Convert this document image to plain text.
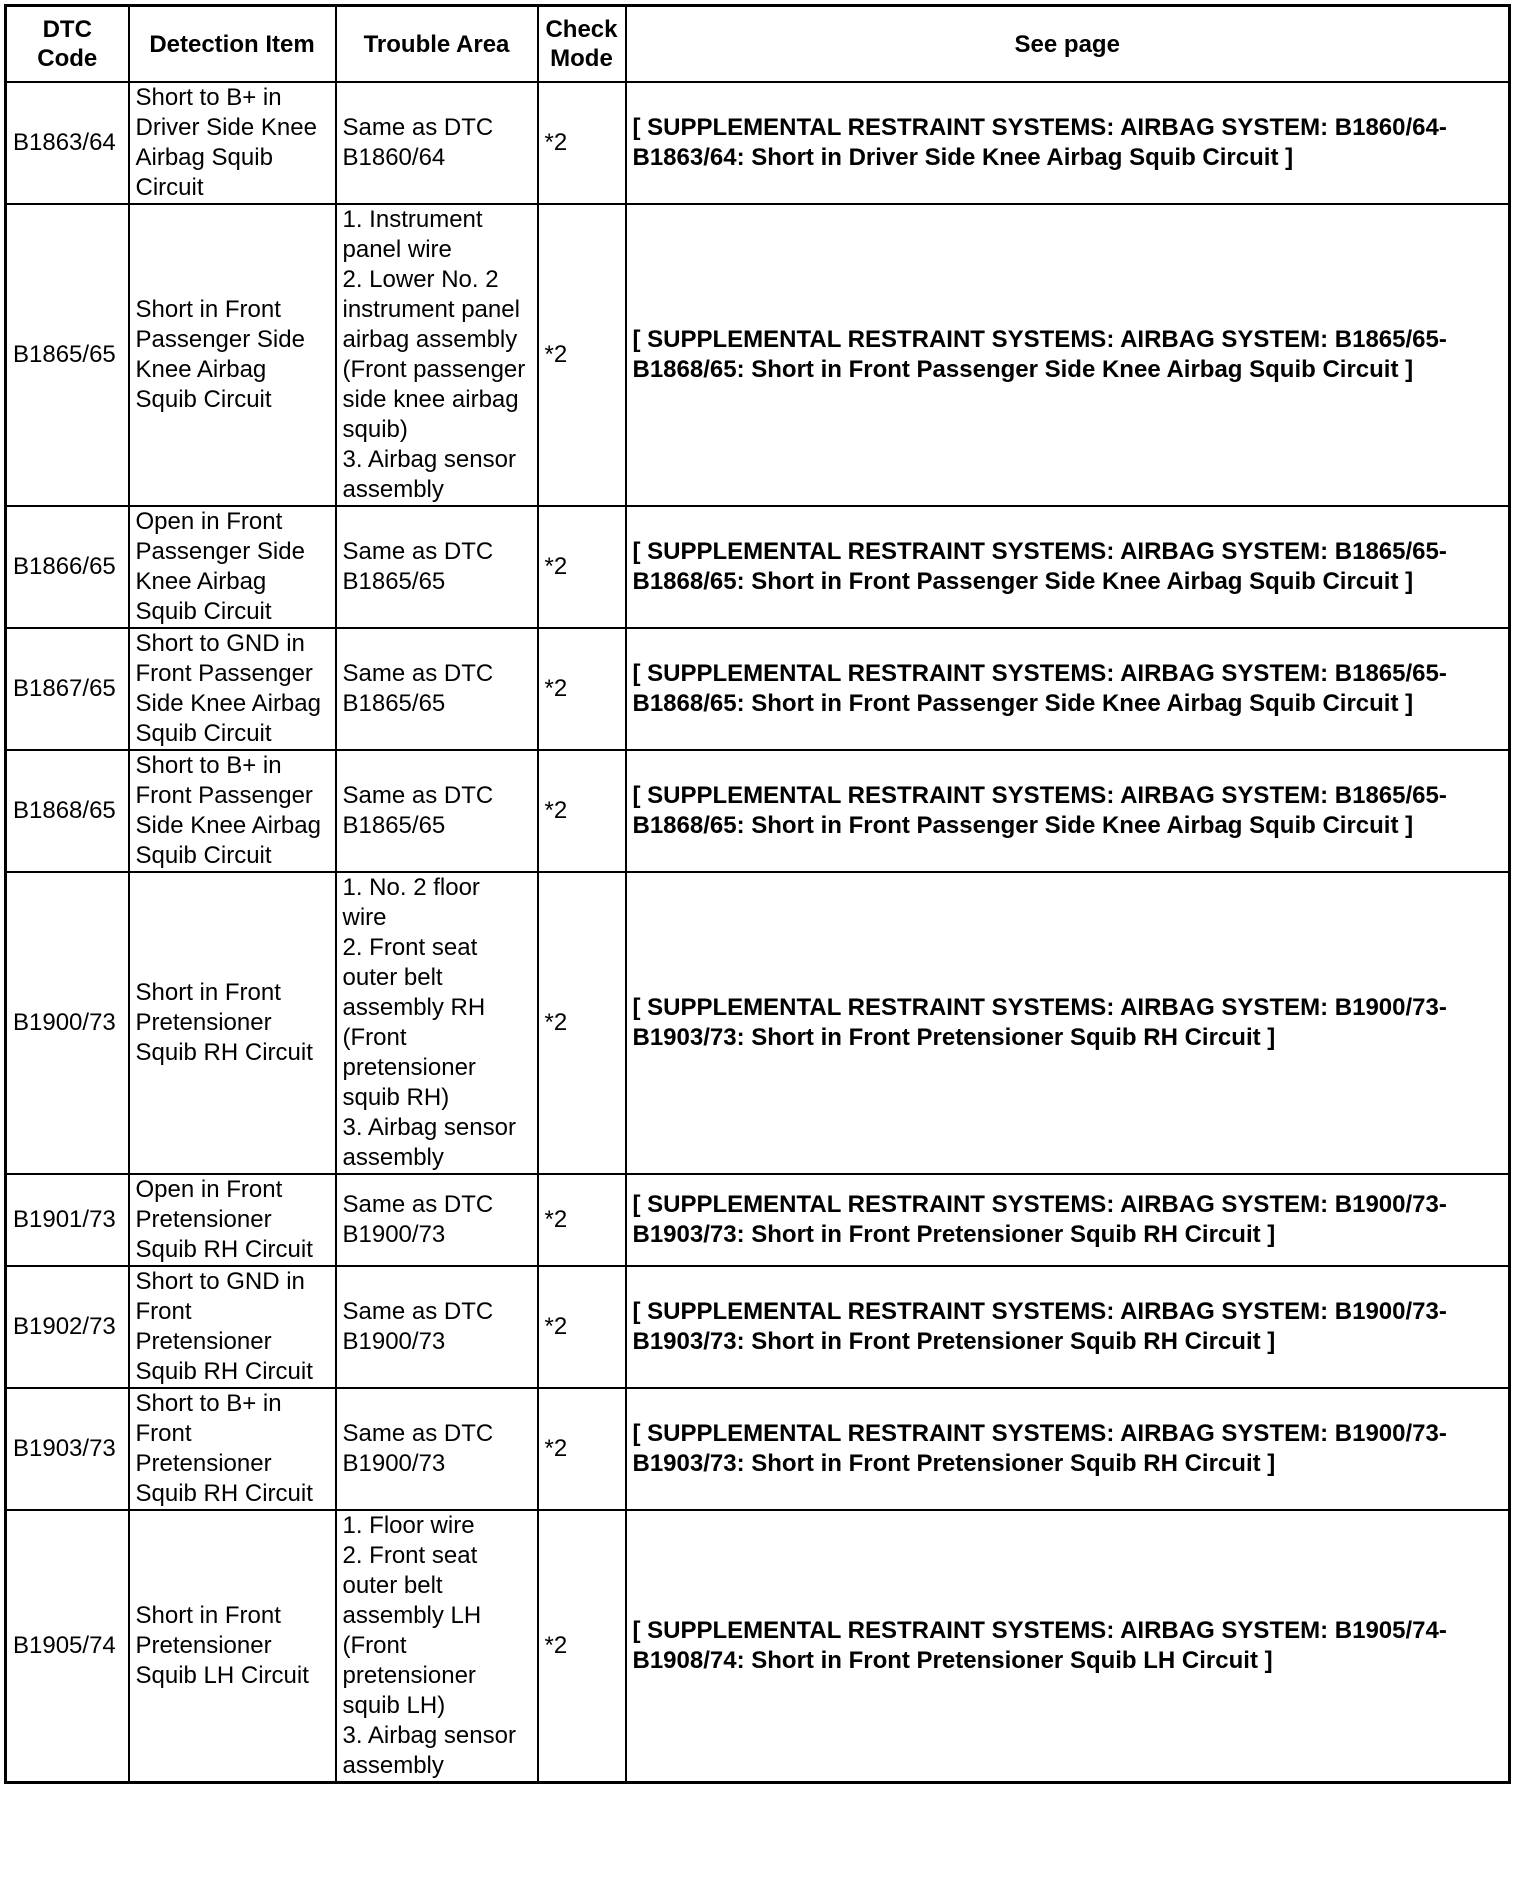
DTC Code	Detection Item	Trouble Area	Check Mode	See page
B1863/64	Short to B+ in Driver Side Knee Airbag Squib Circuit	Same as DTC B1860/64	*2	[ SUPPLEMENTAL RESTRAINT SYSTEMS: AIRBAG SYSTEM: B1860/64-B1863/64: Short in Driver Side Knee Airbag Squib Circuit ]
B1865/65	Short in Front Passenger Side Knee Airbag Squib Circuit	1. Instrument panel wire
2. Lower No. 2 instrument panel airbag assembly (Front passenger side knee airbag squib)
3. Airbag sensor assembly	*2	[ SUPPLEMENTAL RESTRAINT SYSTEMS: AIRBAG SYSTEM: B1865/65-B1868/65: Short in Front Passenger Side Knee Airbag Squib Circuit ]
B1866/65	Open in Front Passenger Side Knee Airbag Squib Circuit	Same as DTC B1865/65	*2	[ SUPPLEMENTAL RESTRAINT SYSTEMS: AIRBAG SYSTEM: B1865/65-B1868/65: Short in Front Passenger Side Knee Airbag Squib Circuit ]
B1867/65	Short to GND in Front Passenger Side Knee Airbag Squib Circuit	Same as DTC B1865/65	*2	[ SUPPLEMENTAL RESTRAINT SYSTEMS: AIRBAG SYSTEM: B1865/65-B1868/65: Short in Front Passenger Side Knee Airbag Squib Circuit ]
B1868/65	Short to B+ in Front Passenger Side Knee Airbag Squib Circuit	Same as DTC B1865/65	*2	[ SUPPLEMENTAL RESTRAINT SYSTEMS: AIRBAG SYSTEM: B1865/65-B1868/65: Short in Front Passenger Side Knee Airbag Squib Circuit ]
B1900/73	Short in Front Pretensioner Squib RH Circuit	1. No. 2 floor wire
2. Front seat outer belt assembly RH (Front pretensioner squib RH)
3. Airbag sensor assembly	*2	[ SUPPLEMENTAL RESTRAINT SYSTEMS: AIRBAG SYSTEM: B1900/73-B1903/73: Short in Front Pretensioner Squib RH Circuit ]
B1901/73	Open in Front Pretensioner Squib RH Circuit	Same as DTC B1900/73	*2	[ SUPPLEMENTAL RESTRAINT SYSTEMS: AIRBAG SYSTEM: B1900/73-B1903/73: Short in Front Pretensioner Squib RH Circuit ]
B1902/73	Short to GND in Front Pretensioner Squib RH Circuit	Same as DTC B1900/73	*2	[ SUPPLEMENTAL RESTRAINT SYSTEMS: AIRBAG SYSTEM: B1900/73-B1903/73: Short in Front Pretensioner Squib RH Circuit ]
B1903/73	Short to B+ in Front Pretensioner Squib RH Circuit	Same as DTC B1900/73	*2	[ SUPPLEMENTAL RESTRAINT SYSTEMS: AIRBAG SYSTEM: B1900/73-B1903/73: Short in Front Pretensioner Squib RH Circuit ]
B1905/74	Short in Front Pretensioner Squib LH Circuit	1. Floor wire
2. Front seat outer belt assembly LH (Front pretensioner squib LH)
3. Airbag sensor assembly	*2	[ SUPPLEMENTAL RESTRAINT SYSTEMS: AIRBAG SYSTEM: B1905/74-B1908/74: Short in Front Pretensioner Squib LH Circuit ]
